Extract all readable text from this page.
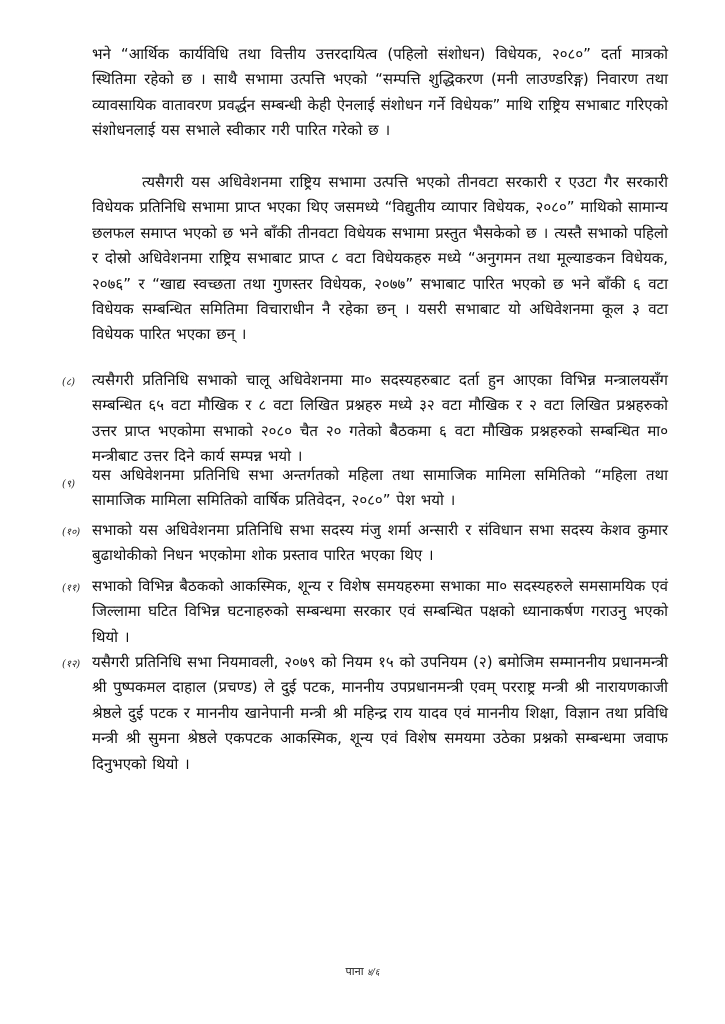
भने “आर्थिक कार्यविधि तथा वित्तीय उत्तरदायित्व (पहिलो संशोधन) विधेयक, २०८०” दर्ता मात्रको स्थितिमा रहेको छ । साथै सभामा उत्पत्ति भएको “सम्पत्ति शुद्धिकरण (मनी लाउण्डरिङ्ग) निवारण तथा व्यावसायिक वातावरण प्रवर्द्धन सम्बन्धी केही ऐनलाई संशोधन गर्ने विधेयक” माथि राष्ट्रिय सभाबाट गरिएको संशोधनलाई यस सभाले स्वीकार गरी पारित गरेको छ ।

त्यसैगरी यस अधिवेशनमा राष्ट्रिय सभामा उत्पत्ति भएको तीनवटा सरकारी र एउटा गैर सरकारी विधेयक प्रतिनिधि सभामा प्राप्त भएका थिए जसमध्ये “विद्युतीय व्यापार विधेयक, २०८०” माथिको सामान्य छलफल समाप्त भएको छ भने बाँकी तीनवटा विधेयक सभामा प्रस्तुत भैसकेको छ । त्यस्तै सभाको पहिलो र दोस्रो अधिवेशनमा राष्ट्रिय सभाबाट प्राप्त ८ वटा विधेयकहरु मध्ये “अनुगमन तथा मूल्याङकन विधेयक, २०७६” र “खाद्य स्वच्छता तथा गुणस्तर विधेयक, २०७७” सभाबाट पारित भएको छ भने बाँकी ६ वटा विधेयक सम्बन्धित समितिमा विचाराधीन नै रहेका छन् । यसरी सभाबाट यो अधिवेशनमा कूल ३ वटा विधेयक पारित भएका छन् ।

(८) त्यसैगरी प्रतिनिधि सभाको चालू अधिवेशनमा मा० सदस्यहरुबाट दर्ता हुन आएका विभिन्न मन्त्रालयसँग सम्बन्धित ६५ वटा मौखिक र ८ वटा लिखित प्रश्नहरु मध्ये ३२ वटा मौखिक र २ वटा लिखित प्रश्नहरुको उत्तर प्राप्त भएकोमा सभाको २०८० चैत २० गतेको बैठकमा ६ वटा मौखिक प्रश्नहरुको सम्बन्धित मा० मन्त्रीबाट उत्तर दिने कार्य सम्पन्न भयो ।

(९)

यस अधिवेशनमा प्रतिनिधि सभा अन्तर्गतको महिला तथा सामाजिक मामिला समितिको “महिला तथा सामाजिक मामिला समितिको वार्षिक प्रतिवेदन, २०८०” पेश भयो ।

(१०) सभाको यस अधिवेशनमा प्रतिनिधि सभा सदस्य मंजु शर्मा अन्सारी र संविधान सभा सदस्य केशव कुमार बुढाथोकीको निधन भएकोमा शोक प्रस्ताव पारित भएका थिए ।

(११) सभाको विभिन्न बैठकको आकस्मिक, शून्य र विशेष समयहरुमा सभाका मा० सदस्यहरुले समसामयिक एवं जिल्लामा घटित विभिन्न घटनाहरुको सम्बन्धमा सरकार एवं सम्बन्धित पक्षको ध्यानाकर्षण गराउनु भएको थियो ।

(१२) यसैगरी प्रतिनिधि सभा नियमावली, २०७९ को नियम १५ को उपनियम (२) बमोजिम सम्माननीय प्रधानमन्त्री श्री पुष्पकमल दाहाल (प्रचण्ड) ले दुई पटक, माननीय उपप्रधानमन्त्री एवम् परराष्ट्र मन्त्री श्री नारायणकाजी श्रेष्ठले दुई पटक र माननीय खानेपानी मन्त्री श्री महिन्द्र राय यादव एवं माननीय शिक्षा, विज्ञान तथा प्रविधि मन्त्री श्री सुमना श्रेष्ठले एकपटक आकस्मिक, शून्य एवं विशेष समयमा उठेका प्रश्नको सम्बन्धमा जवाफ दिनुभएको थियो ।

पाना ४/६
